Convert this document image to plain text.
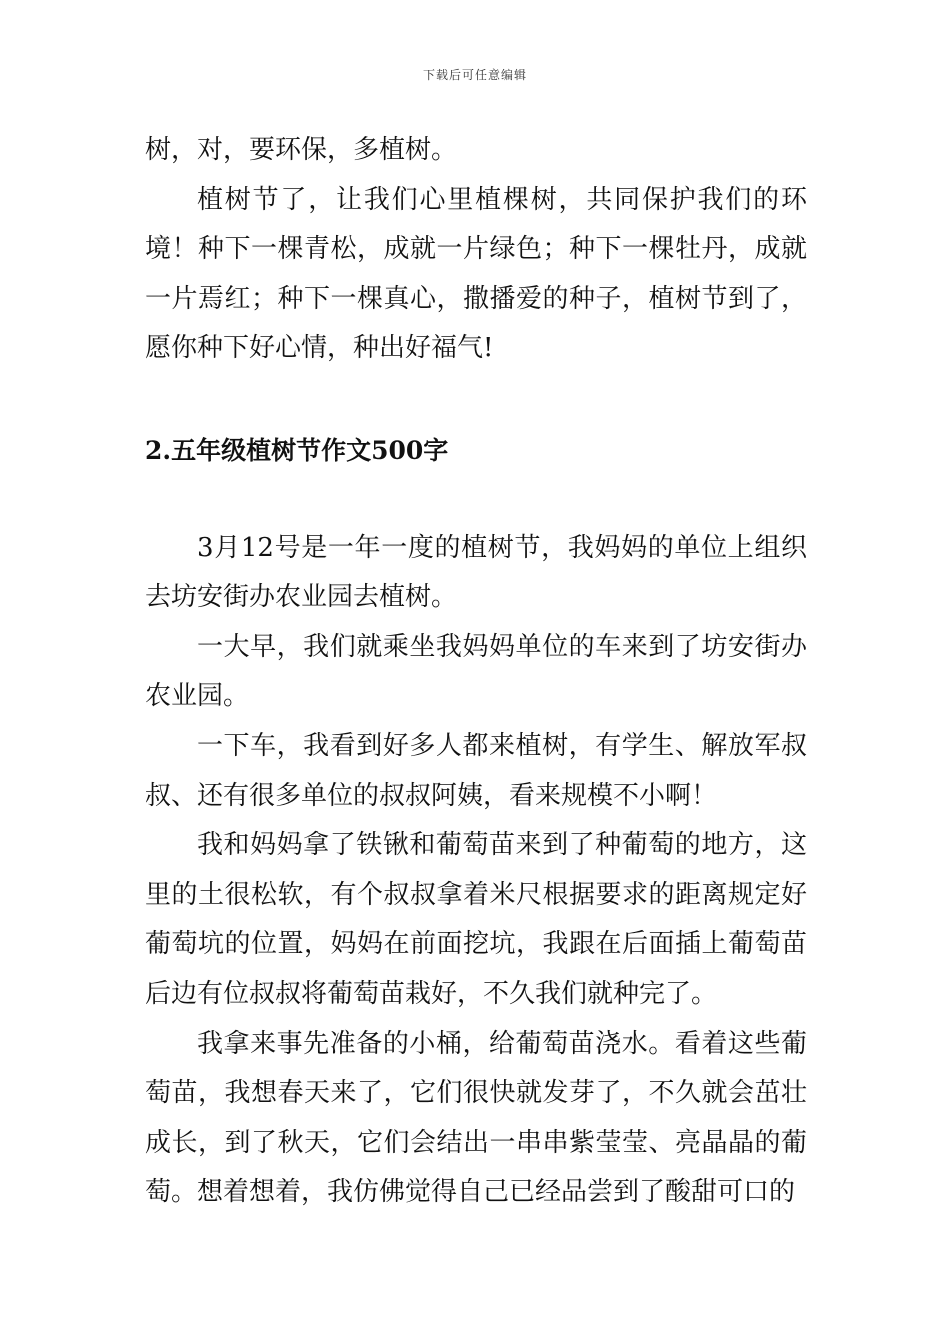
下载后可任意编辑

树，对，要环保，多植树。

植树节了，让我们心里植棵树，共同保护我们的环境！种下一棵青松，成就一片绿色；种下一棵牡丹，成就一片焉红；种下一棵真心，撒播爱的种子，植树节到了，愿你种下好心情，种出好福气!

2.五年级植树节作文500字

3月12号是一年一度的植树节，我妈妈的单位上组织去坊安街办农业园去植树。

一大早，我们就乘坐我妈妈单位的车来到了坊安街办农业园。

一下车，我看到好多人都来植树，有学生、解放军叔叔、还有很多单位的叔叔阿姨，看来规模不小啊！

我和妈妈拿了铁锹和葡萄苗来到了种葡萄的地方，这里的土很松软，有个叔叔拿着米尺根据要求的距离规定好葡萄坑的位置，妈妈在前面挖坑，我跟在后面插上葡萄苗后边有位叔叔将葡萄苗栽好，不久我们就种完了。

我拿来事先准备的小桶，给葡萄苗浇水。看着这些葡萄苗，我想春天来了，它们很快就发芽了，不久就会茁壮成长，到了秋天，它们会结出一串串紫莹莹、亮晶晶的葡萄。想着想着，我仿佛觉得自己已经品尝到了酸甜可口的
